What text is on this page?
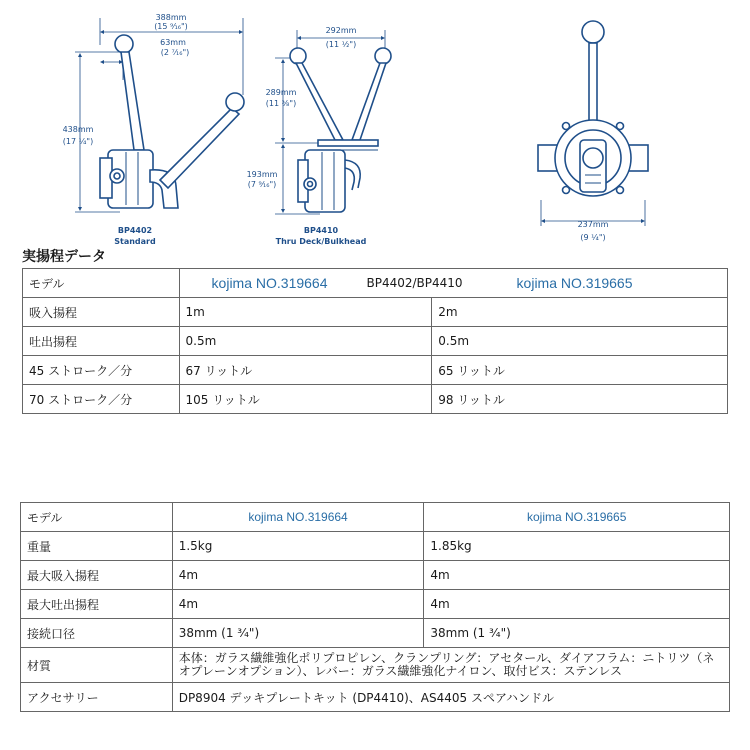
388mm
(15 ⁹⁄₁₆")
63mm
(2 ⁷⁄₁₆")
438mm
(17 ¹⁄₄")
BP4402
Standard
292mm
(11 ¹⁄₂")
289mm
(11 ³⁄₈")
193mm
(7 ⁹⁄₁₆")
BP4410
Thru Deck/Bulkhead
237mm
(9 ¹⁄₄")
実揚程データ
モデル	kojima NO.319664 BP4402/BP4410 kojima NO.319665	

吸入揚程	1m	2m
吐出揚程	0.5m	0.5m
45 ストローク／分	67 リットル	65 リットル
70 ストローク／分	105 リットル	98 リットル
モデル	kojima NO.319664	kojima NO.319665
重量	1.5kg	1.85kg
最大吸入揚程	4m	4m
最大吐出揚程	4m	4m
接続口径	38mm (1 ³⁄₄")	38mm (1 ³⁄₄")
材質	本体：ガラス繊維強化ポリプロピレン、クランプリング：アセタール、ダイアフラム：ニトリツ（ネオプレーンオプション）、レバー：ガラス繊維強化ナイロン、取付ビス：ステンレス	
アクセサリー	DP8904 デッキプレートキット (DP4410)、AS4405 スペアハンドル	
